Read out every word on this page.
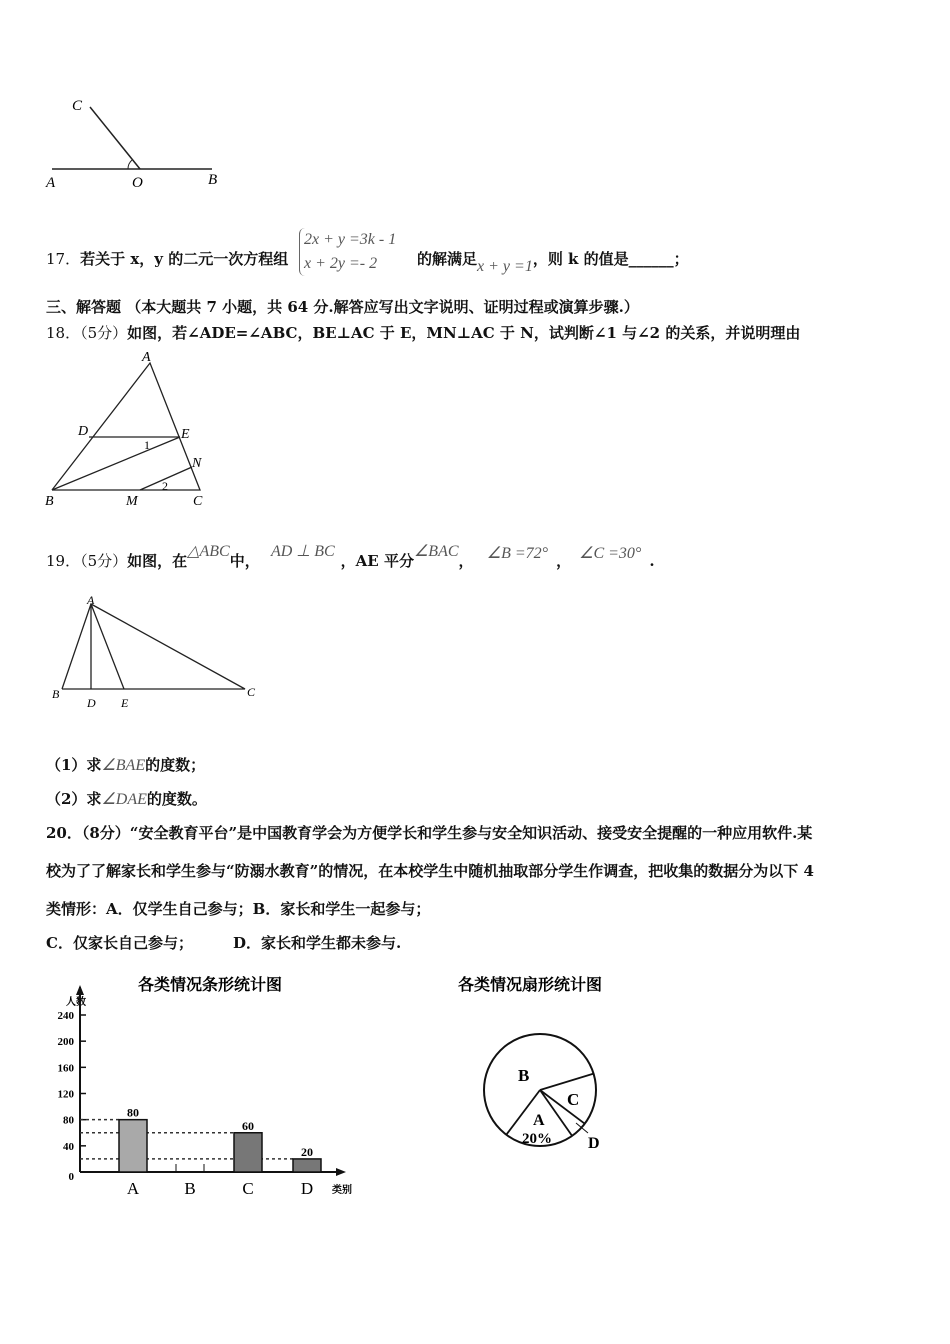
C
A	O	B
17．若关于 x，y 的二元一次方程组
2x + y =3k - 1
x + 2y =- 2	的解满足x + y =1，则 k 的值是______；
三、解答题 （本大题共 7 小题，共 64 分.解答应写出文字说明、证明过程或演算步骤.）
18．（5分）如图，若∠ADE=∠ABC，BE⊥AC 于 E，MN⊥AC 于 N，试判断∠1 与∠2 的关系，并说明理由
A
D	E
N
B	M	C
1
2
19．（5分）如图，在△ABC中， AD ⊥ BC，AE 平分∠BAC， ∠B =72° ， ∠C =30° .
A
B
D E
C
（1）求∠BAE的度数；
（2）求∠DAE的度数。
20．（8分）“安全教育平台”是中国教育学会为方便学长和学生参与安全知识活动、接受安全提醒的一种应用软件.某
校为了了解家长和学生参与“防溺水教育”的情况，在本校学生中随机抽取部分学生作调查，把收集的数据分为以下 4
类情形：A．仅学生自己参与；B．家长和学生一起参与；
C．仅家长自己参与；	D．家长和学生都未参与.
各类情况条形统计图
人数
类别
0
40
80
120
160
200
240
80
A	B
60
C
20
D
各类情况扇形统计图
B
C
A
20% D
